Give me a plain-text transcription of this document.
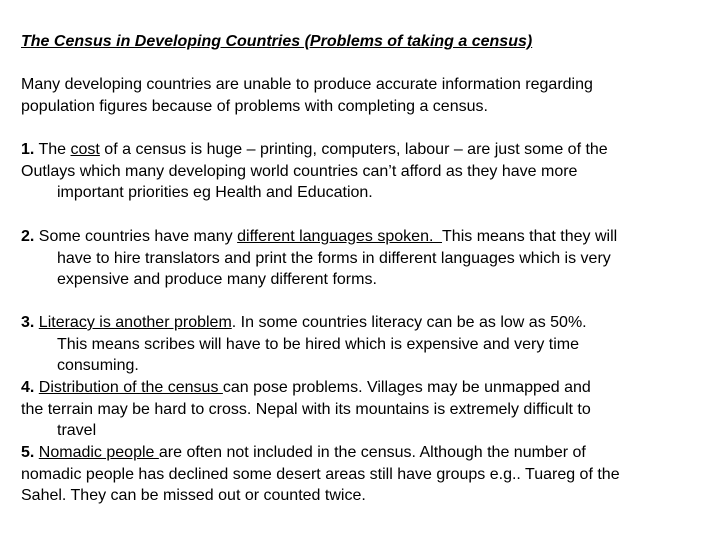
The Census in Developing Countries (Problems of taking a census)

Many developing countries are unable to produce accurate information regarding
population figures because of problems with completing a census.

1. The cost of a census is huge – printing, computers, labour – are just some of the
Outlays which many developing world countries can’t afford as they have more
important priorities eg Health and Education.

2. Some countries have many different languages spoken.  This means that they will
have to hire translators and print the forms in different languages which is very
expensive and produce many different forms.

3. Literacy is another problem. In some countries literacy can be as low as 50%.
This means scribes will have to be hired which is expensive and very time
consuming.

4. Distribution of the census can pose problems. Villages may be unmapped and
the terrain may be hard to cross. Nepal with its mountains is extremely difficult to
travel

5. Nomadic people are often not included in the census. Although the number of
nomadic people has declined some desert areas still have groups e.g.. Tuareg of the
Sahel. They can be missed out or counted twice.
